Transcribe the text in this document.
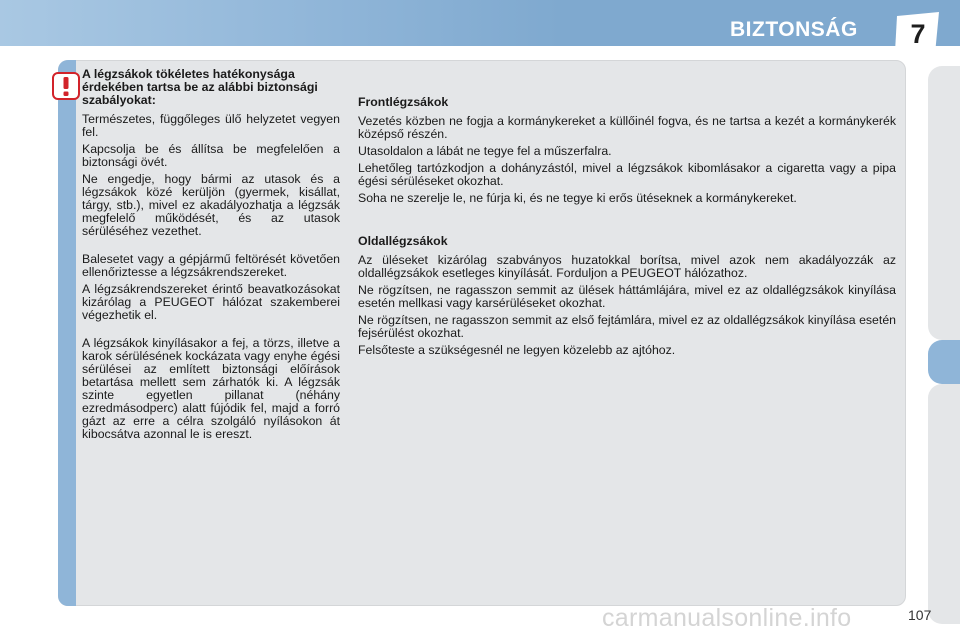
BIZTONSÁG	7

A légzsákok tökéletes hatékonysága érdekében tartsa be az alábbi biztonsági szabályokat:

Természetes, függőleges ülő helyzetet vegyen fel.

Kapcsolja be és állítsa be megfelelően a biztonsági övét.

Ne engedje, hogy bármi az utasok és a légzsákok közé kerüljön (gyermek, kisállat, tárgy, stb.), mivel ez akadályozhatja a légzsák megfelelő működését, és az utasok sérüléséhez vezethet.

Balesetet vagy a gépjármű feltörését követően ellenőriztesse a légzsákrendszereket.

A légzsákrendszereket érintő beavatkozásokat kizárólag a PEUGEOT hálózat szakemberei végezhetik el.

A légzsákok kinyílásakor a fej, a törzs, illetve a karok sérülésének kockázata vagy enyhe égési sérülései az említett biztonsági előírások betartása mellett sem zárhatók ki. A légzsák szinte egyetlen pillanat (néhány ezredmásodperc) alatt fújódik fel, majd a forró gázt az erre a célra szolgáló nyílásokon át kibocsátva azonnal le is ereszt.

Frontlégzsákok

Vezetés közben ne fogja a kormánykereket a küllőinél fogva, és ne tartsa a kezét a kormánykerék középső részén.

Utasoldalon a lábát ne tegye fel a műszerfalra.

Lehetőleg tartózkodjon a dohányzástól, mivel a légzsákok kibomlásakor a cigaretta vagy a pipa égési sérüléseket okozhat.

Soha ne szerelje le, ne fúrja ki, és ne tegye ki erős ütéseknek a kormánykereket.

Oldallégzsákok

Az üléseket kizárólag szabványos huzatokkal borítsa, mivel azok nem akadályozzák az oldallégzsákok esetleges kinyílását. Forduljon a PEUGEOT hálózathoz.

Ne rögzítsen, ne ragasszon semmit az ülések háttámlájára, mivel ez az oldallégzsákok kinyílása esetén mellkasi vagy karsérüléseket okozhat.

Ne rögzítsen, ne ragasszon semmit az első fejtámlára, mivel ez az oldallégzsákok kinyílása esetén fejsérülést okozhat.

Felsőteste a szükségesnél ne legyen közelebb az ajtóhoz.

carmanualsonline.info	107
